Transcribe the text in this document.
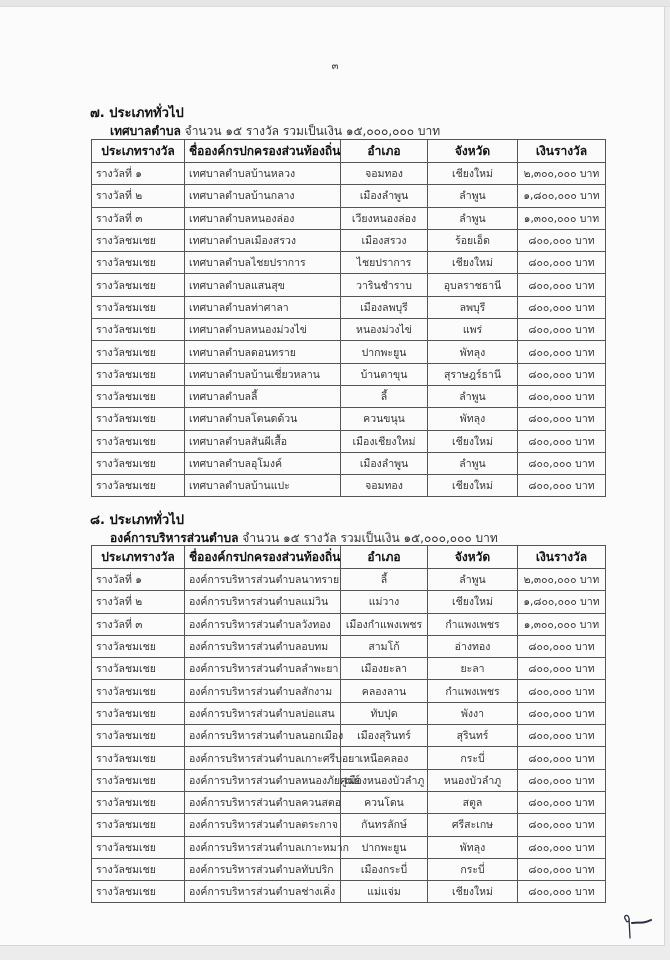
๓
๗. ประเภททั่วไป
เทศบาลตำบล จำนวน ๑๕ รางวัล รวมเป็นเงิน ๑๕,๐๐๐,๐๐๐ บาท
ประเภทรางวัล	ชื่อองค์กรปกครองส่วนท้องถิ่น	อำเภอ	จังหวัด	เงินรางวัล
รางวัลที่ ๑	เทศบาลตำบลบ้านหลวง	จอมทอง	เชียงใหม่	๒,๓๐๐,๐๐๐ บาท
รางวัลที่ ๒	เทศบาลตำบลบ้านกลาง	เมืองลำพูน	ลำพูน	๑,๘๐๐,๐๐๐ บาท
รางวัลที่ ๓	เทศบาลตำบลหนองล่อง	เวียงหนองล่อง	ลำพูน	๑,๓๐๐,๐๐๐ บาท
รางวัลชมเชย	เทศบาลตำบลเมืองสรวง	เมืองสรวง	ร้อยเอ็ด	๘๐๐,๐๐๐ บาท
รางวัลชมเชย	เทศบาลตำบลไชยปราการ	ไชยปราการ	เชียงใหม่	๘๐๐,๐๐๐ บาท
รางวัลชมเชย	เทศบาลตำบลแสนสุข	วารินชำราบ	อุบลราชธานี	๘๐๐,๐๐๐ บาท
รางวัลชมเชย	เทศบาลตำบลท่าศาลา	เมืองลพบุรี	ลพบุรี	๘๐๐,๐๐๐ บาท
รางวัลชมเชย	เทศบาลตำบลหนองม่วงไข่	หนองม่วงไข่	แพร่	๘๐๐,๐๐๐ บาท
รางวัลชมเชย	เทศบาลตำบลดอนทราย	ปากพะยูน	พัทลุง	๘๐๐,๐๐๐ บาท
รางวัลชมเชย	เทศบาลตำบลบ้านเชี่ยวหลาน	บ้านตาขุน	สุราษฎร์ธานี	๘๐๐,๐๐๐ บาท
รางวัลชมเชย	เทศบาลตำบลลี้	ลี้	ลำพูน	๘๐๐,๐๐๐ บาท
รางวัลชมเชย	เทศบาลตำบลโตนดด้วน	ควนขนุน	พัทลุง	๘๐๐,๐๐๐ บาท
รางวัลชมเชย	เทศบาลตำบลสันผีเสื้อ	เมืองเชียงใหม่	เชียงใหม่	๘๐๐,๐๐๐ บาท
รางวัลชมเชย	เทศบาลตำบลอุโมงค์	เมืองลำพูน	ลำพูน	๘๐๐,๐๐๐ บาท
รางวัลชมเชย	เทศบาลตำบลบ้านแปะ	จอมทอง	เชียงใหม่	๘๐๐,๐๐๐ บาท
๘. ประเภททั่วไป
องค์การบริหารส่วนตำบล จำนวน ๑๕ รางวัล รวมเป็นเงิน ๑๕,๐๐๐,๐๐๐ บาท
ประเภทรางวัล	ชื่อองค์กรปกครองส่วนท้องถิ่น	อำเภอ	จังหวัด	เงินรางวัล
รางวัลที่ ๑	องค์การบริหารส่วนตำบลนาทราย	ลี้	ลำพูน	๒,๓๐๐,๐๐๐ บาท
รางวัลที่ ๒	องค์การบริหารส่วนตำบลแม่วิน	แม่วาง	เชียงใหม่	๑,๘๐๐,๐๐๐ บาท
รางวัลที่ ๓	องค์การบริหารส่วนตำบลวังทอง	เมืองกำแพงเพชร	กำแพงเพชร	๑,๓๐๐,๐๐๐ บาท
รางวัลชมเชย	องค์การบริหารส่วนตำบลอบทม	สามโก้	อ่างทอง	๘๐๐,๐๐๐ บาท
รางวัลชมเชย	องค์การบริหารส่วนตำบลลำพะยา	เมืองยะลา	ยะลา	๘๐๐,๐๐๐ บาท
รางวัลชมเชย	องค์การบริหารส่วนตำบลสักงาม	คลองลาน	กำแพงเพชร	๘๐๐,๐๐๐ บาท
รางวัลชมเชย	องค์การบริหารส่วนตำบลบ่อแสน	ทับปุด	พังงา	๘๐๐,๐๐๐ บาท
รางวัลชมเชย	องค์การบริหารส่วนตำบลนอกเมือง	เมืองสุรินทร์	สุรินทร์	๘๐๐,๐๐๐ บาท
รางวัลชมเชย	องค์การบริหารส่วนตำบลเกาะศรีบอยา	เหนือคลอง	กระบี่	๘๐๐,๐๐๐ บาท
รางวัลชมเชย	องค์การบริหารส่วนตำบลหนองภัยศูนย์	เมืองหนองบัวลำภู	หนองบัวลำภู	๘๐๐,๐๐๐ บาท
รางวัลชมเชย	องค์การบริหารส่วนตำบลควนสตอ	ควนโดน	สตูล	๘๐๐,๐๐๐ บาท
รางวัลชมเชย	องค์การบริหารส่วนตำบลตระกาจ	กันทรลักษ์	ศรีสะเกษ	๘๐๐,๐๐๐ บาท
รางวัลชมเชย	องค์การบริหารส่วนตำบลเกาะหมาก	ปากพะยูน	พัทลุง	๘๐๐,๐๐๐ บาท
รางวัลชมเชย	องค์การบริหารส่วนตำบลทับปริก	เมืองกระบี่	กระบี่	๘๐๐,๐๐๐ บาท
รางวัลชมเชย	องค์การบริหารส่วนตำบลช่างเคิ่ง	แม่แจ่ม	เชียงใหม่	๘๐๐,๐๐๐ บาท
